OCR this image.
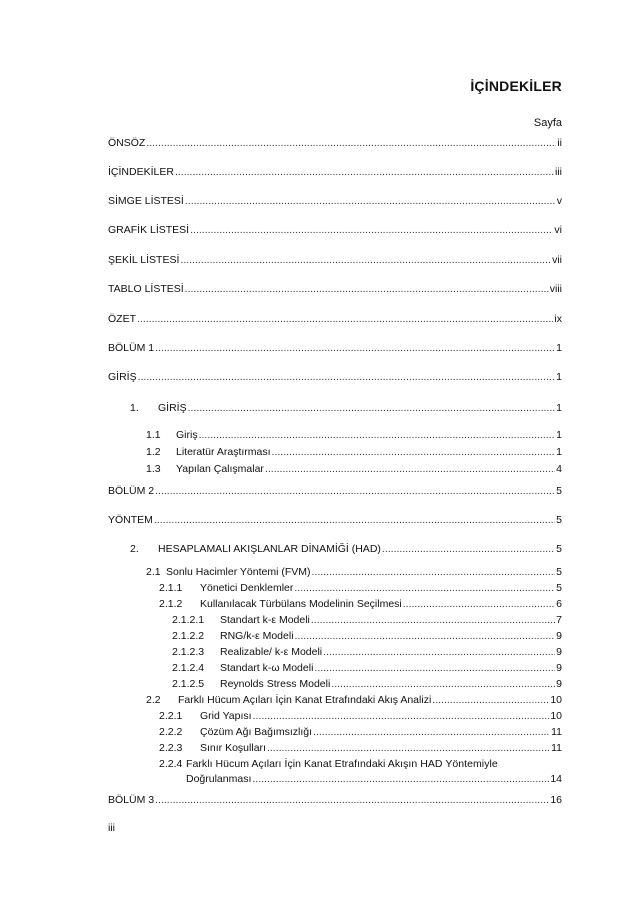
İÇİNDEKİLER
Sayfa
ÖNSÖZ .....	ii
İÇİNDEKİLER .....	iii
SİMGE LİSTESİ .....	v
GRAFİK LİSTESİ .....	vi
ŞEKİL LİSTESİ .....	vii
TABLO LİSTESİ .....	viii
ÖZET .....	ix
BÖLÜM 1 .....	1
GİRİŞ .....	1
1.	GİRİŞ .....	1
1.1	Giriş .....	1
1.2	Literatür Araştırması .....	1
1.3	Yapılan Çalışmalar .....	4
BÖLÜM 2 .....	5
YÖNTEM .....	5
2.	HESAPLAMALI AKIŞLANLAR DİNAMİĞİ (HAD) .....	5
2.1 Sonlu Hacimler Yöntemi (FVM) .....	5
2.1.1	Yönetici Denklemler .....	5
2.1.2	Kullanılacak Türbülans Modelinin Seçilmesi .....	6
2.1.2.1	Standart k-ε Modeli .....	7
2.1.2.2	RNG/k-ε Modeli .....	9
2.1.2.3	Realizable/ k-ε Modeli .....	9
2.1.2.4	Standart k-ω Modeli .....	9
2.1.2.5	Reynolds Stress Modeli .....	9
2.2	Farklı Hücum Açıları İçin Kanat Etrafındaki Akış Analizi .....	10
2.2.1	Grid Yapısı .....	10
2.2.2	Çözüm Ağı Bağımsızlığı .....	11
2.2.3	Sınır Koşulları .....	11
2.2.4 Farklı Hücum Açıları İçin Kanat Etrafındaki Akışın HAD Yöntemiyle
Doğrulanması .....	14
BÖLÜM 3 .....	16
iii
